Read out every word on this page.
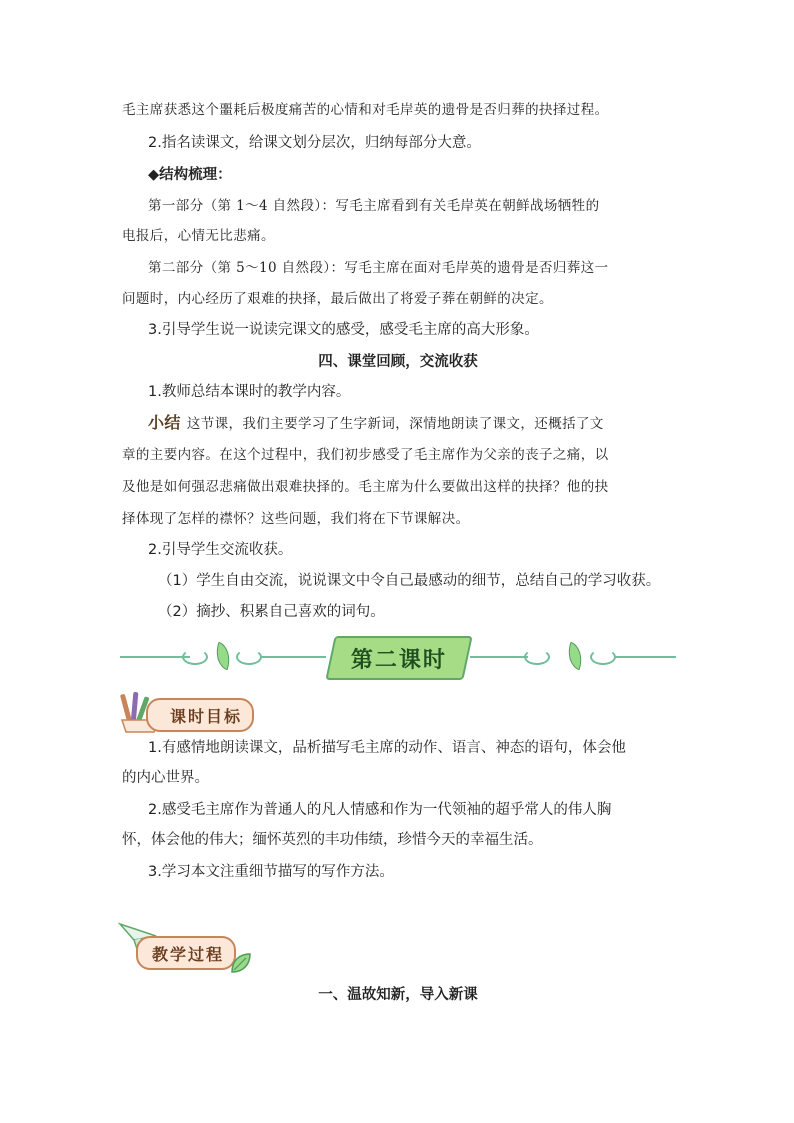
毛主席获悉这个噩耗后极度痛苦的心情和对毛岸英的遗骨是否归葬的抉择过程。
2.指名读课文，给课文划分层次，归纳每部分大意。
◆结构梳理：
第一部分（第 1～4 自然段）：写毛主席看到有关毛岸英在朝鲜战场牺牲的
电报后，心情无比悲痛。
第二部分（第 5～10 自然段）：写毛主席在面对毛岸英的遗骨是否归葬这一
问题时，内心经历了艰难的抉择，最后做出了将爱子葬在朝鲜的决定。
3.引导学生说一说读完课文的感受，感受毛主席的高大形象。
四、课堂回顾，交流收获
1.教师总结本课时的教学内容。
小结 这节课，我们主要学习了生字新词，深情地朗读了课文，还概括了文
章的主要内容。在这个过程中，我们初步感受了毛主席作为父亲的丧子之痛，以
及他是如何强忍悲痛做出艰难抉择的。毛主席为什么要做出这样的抉择？他的抉
择体现了怎样的襟怀？这些问题，我们将在下节课解决。
2.引导学生交流收获。
（1）学生自由交流，说说课文中令自己最感动的细节，总结自己的学习收获。
（2）摘抄、积累自己喜欢的词句。
第二课时
课时目标
1.有感情地朗读课文，品析描写毛主席的动作、语言、神态的语句，体会他
的内心世界。
2.感受毛主席作为普通人的凡人情感和作为一代领袖的超乎常人的伟人胸
怀，体会他的伟大；缅怀英烈的丰功伟绩，珍惜今天的幸福生活。
3.学习本文注重细节描写的写作方法。
教学过程
一、温故知新，导入新课
